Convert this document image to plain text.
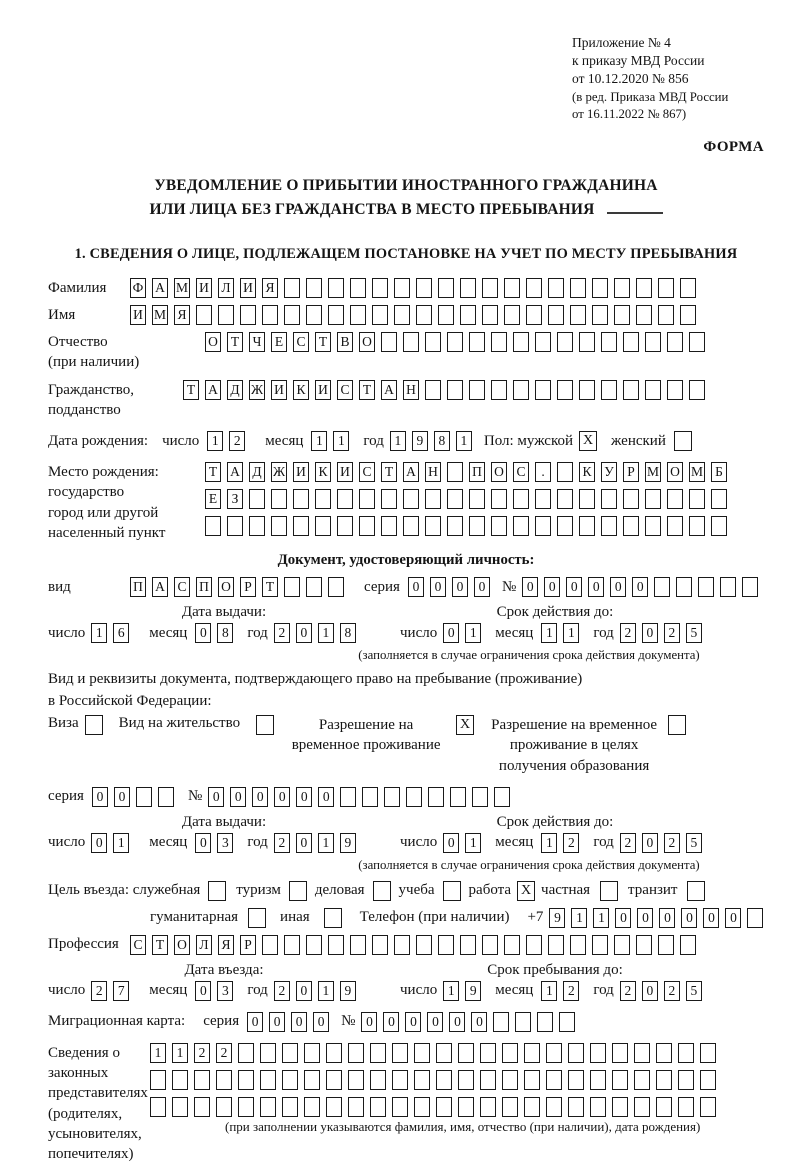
Приложение № 4
к приказу МВД России
от 10.12.2020 № 856
(в ред. Приказа МВД России
от 16.11.2022 № 867)
ФОРМА
УВЕДОМЛЕНИЕ О ПРИБЫТИИ ИНОСТРАННОГО ГРАЖДАНИНА
ИЛИ ЛИЦА БЕЗ ГРАЖДАНСТВА В МЕСТО ПРЕБЫВАНИЯ
1. СВЕДЕНИЯ О ЛИЦЕ, ПОДЛЕЖАЩЕМ ПОСТАНОВКЕ НА УЧЕТ ПО МЕСТУ ПРЕБЫВАНИЯ
Фамилия	Ф А М И Л И Я
Имя	И М Я
Отчество
(при наличии)
О Т Ч Е С Т В О
Гражданство,
подданство
Т А Д Ж И К И С Т А Н
Дата рождения: число 1	2	месяц 1	1	год 1	9	8	1	Пол: мужской X женский
Место рождения:
государство
город или другой
населенный пункт
Т А Д Ж И К И С Т А Н	П О С	.	К У Р М О М Б
Е	З
Документ, удостоверяющий личность:
вид	П А С П О Р	Т	серия 0	0	0	0	№ 0	0	0	0	0	0
Дата выдачи:	Срок действия до:
число 1	6	месяц 0	8	год 2	0	1	8	число 0	1	месяц 1	1	год 2	0	2	5
(заполняется в случае ограничения срока действия документа)
Вид и реквизиты документа, подтверждающего право на пребывание (проживание)
в Российской Федерации:
Виза	Вид на жительство	Разрешение на временное проживание
X Разрешение на временное проживание в целях получения образования
серия 0	0	№ 0	0	0	0	0	0
Дата выдачи:	Срок действия до:
число 0	1	месяц 0	3	год 2	0	1	9	число 0	1	месяц 1	2	год 2	0	2	5
(заполняется в случае ограничения срока действия документа)
Цель въезда: служебная туризм деловая учеба работа X частная	транзит
гуманитарная	иная	Телефон (при наличии) +7 9	1	1	0	0	0	0	0	0
Профессия	С Т О Л Я	Р
Дата въезда:	Срок пребывания до:
число 2	7	месяц 0	3	год 2	0	1	9	число 1	9	месяц 1	2	год 2	0	2	5
Миграционная карта: серия 0	0	0	0	№ 0	0	0	0	0	0
Сведения о
законных
представителях
(родителях,
усыновителях,
попечителях)
1	1	2	2
(при заполнении указываются фамилия, имя, отчество (при наличии), дата рождения)
